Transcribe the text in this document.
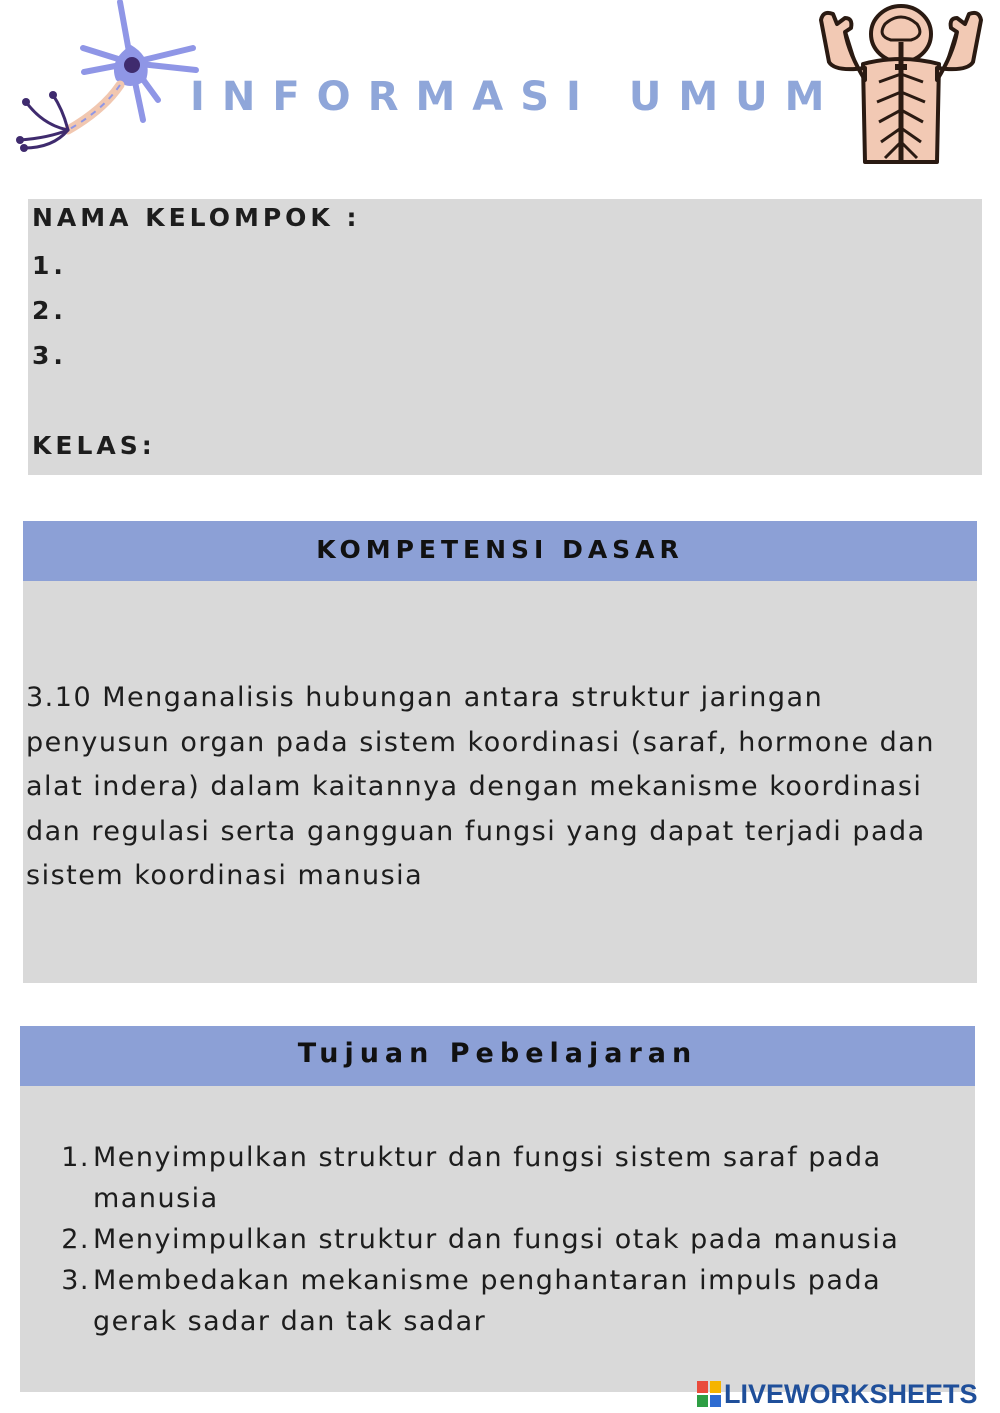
INFORMASI UMUM
NAMA KELOMPOK :
1.
2.
3.
KELAS:
KOMPETENSI DASAR
3.10 Menganalisis hubungan antara struktur jaringan penyusun organ pada sistem koordinasi (saraf, hormone dan alat indera) dalam kaitannya dengan mekanisme koordinasi dan regulasi serta gangguan fungsi yang dapat terjadi pada sistem koordinasi manusia
Tujuan Pebelajaran
1. Menyimpulkan struktur dan fungsi sistem saraf pada manusia
2. Menyimpulkan struktur dan fungsi otak pada manusia
3. Membedakan mekanisme penghantaran impuls pada gerak sadar dan tak sadar
LIVEWORKSHEETS
